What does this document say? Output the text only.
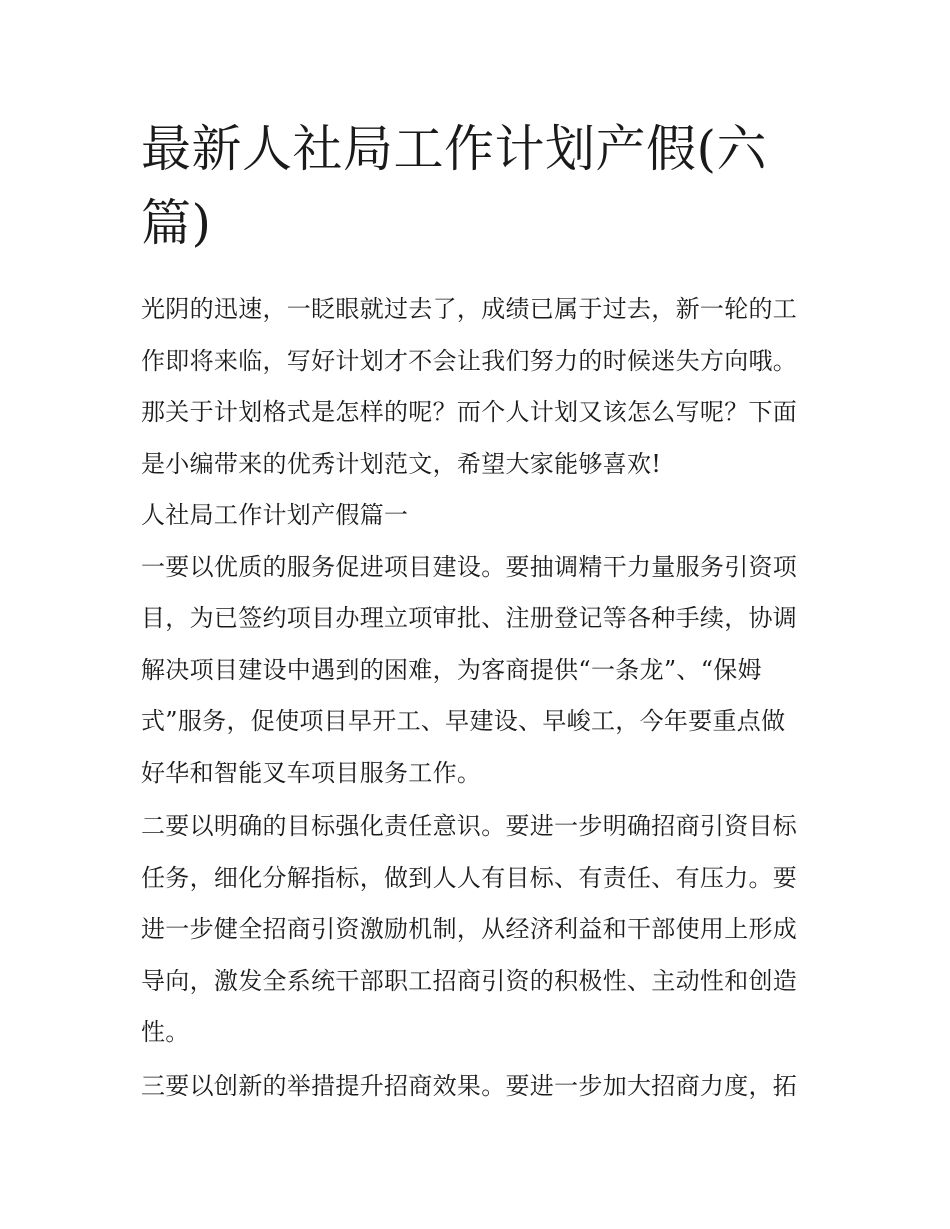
最新人社局工作计划产假(六
篇)

光阴的迅速，一眨眼就过去了，成绩已属于过去，新一轮的工
作即将来临，写好计划才不会让我们努力的时候迷失方向哦。
那关于计划格式是怎样的呢？而个人计划又该怎么写呢？下面
是小编带来的优秀计划范文，希望大家能够喜欢!

人社局工作计划产假篇一

一要以优质的服务促进项目建设。要抽调精干力量服务引资项
目，为已签约项目办理立项审批、注册登记等各种手续，协调
解决项目建设中遇到的困难，为客商提供“一条龙”、“保姆
式”服务，促使项目早开工、早建设、早峻工，今年要重点做
好华和智能叉车项目服务工作。

二要以明确的目标强化责任意识。要进一步明确招商引资目标
任务，细化分解指标，做到人人有目标、有责任、有压力。要
进一步健全招商引资激励机制，从经济利益和干部使用上形成
导向，激发全系统干部职工招商引资的积极性、主动性和创造
性。

三要以创新的举措提升招商效果。要进一步加大招商力度，拓
